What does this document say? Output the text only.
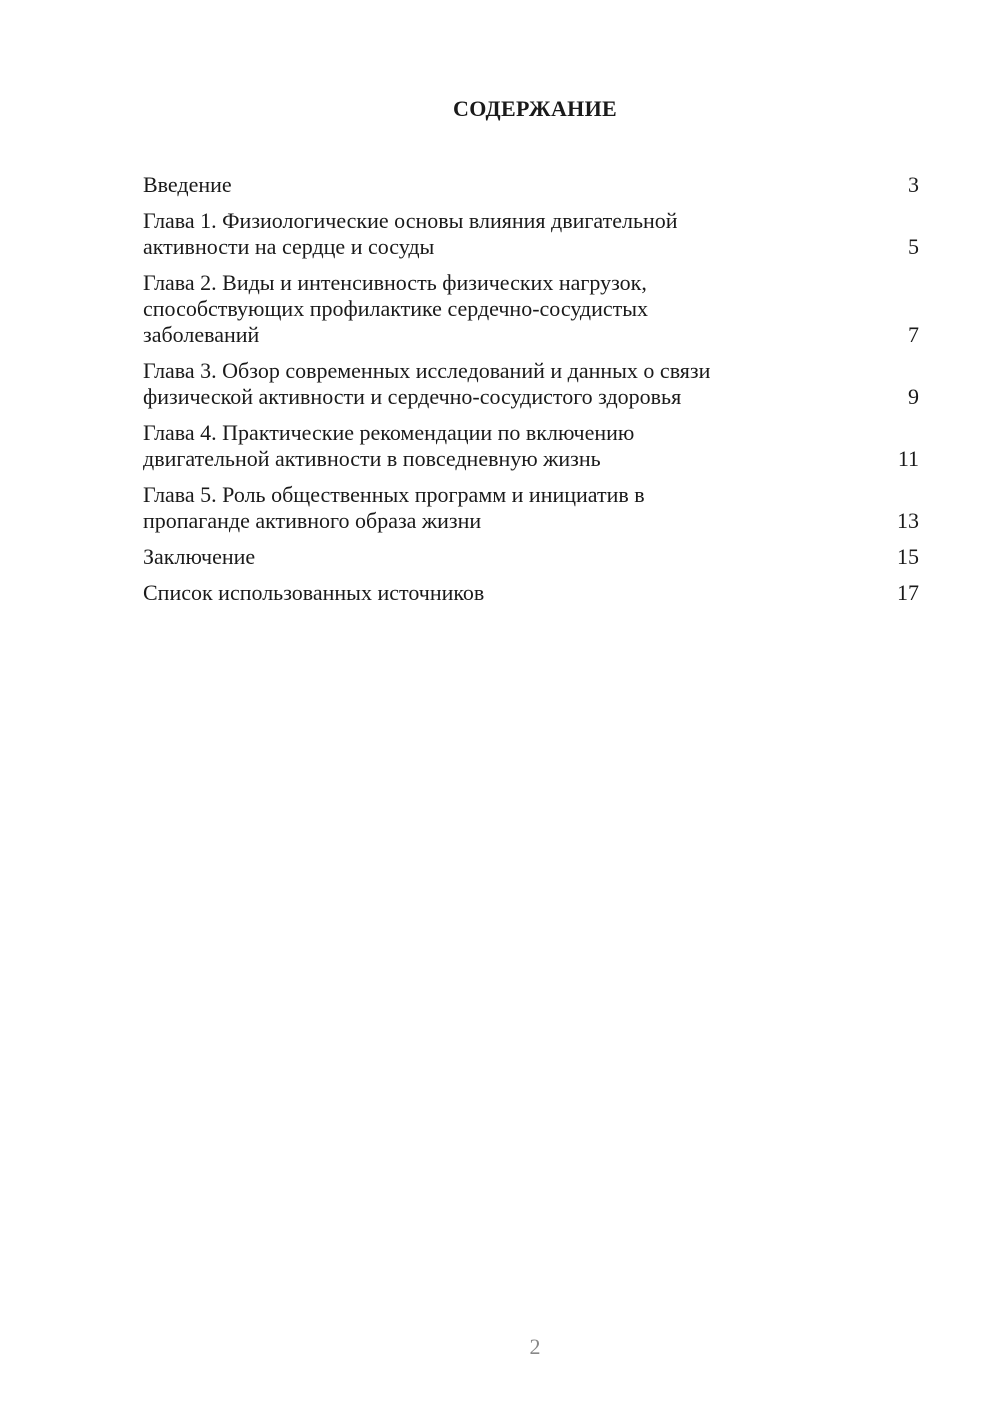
СОДЕРЖАНИЕ
Введение	3
Глава 1. Физиологические основы влияния двигательной
активности на сердце и сосуды	5
Глава 2. Виды и интенсивность физических нагрузок,
способствующих профилактике сердечно-сосудистых
заболеваний	7
Глава 3. Обзор современных исследований и данных о связи
физической активности и сердечно-сосудистого здоровья	9
Глава 4. Практические рекомендации по включению
двигательной активности в повседневную жизнь	11
Глава 5. Роль общественных программ и инициатив в
пропаганде активного образа жизни	13
Заключение	15
Список использованных источников	17
2
